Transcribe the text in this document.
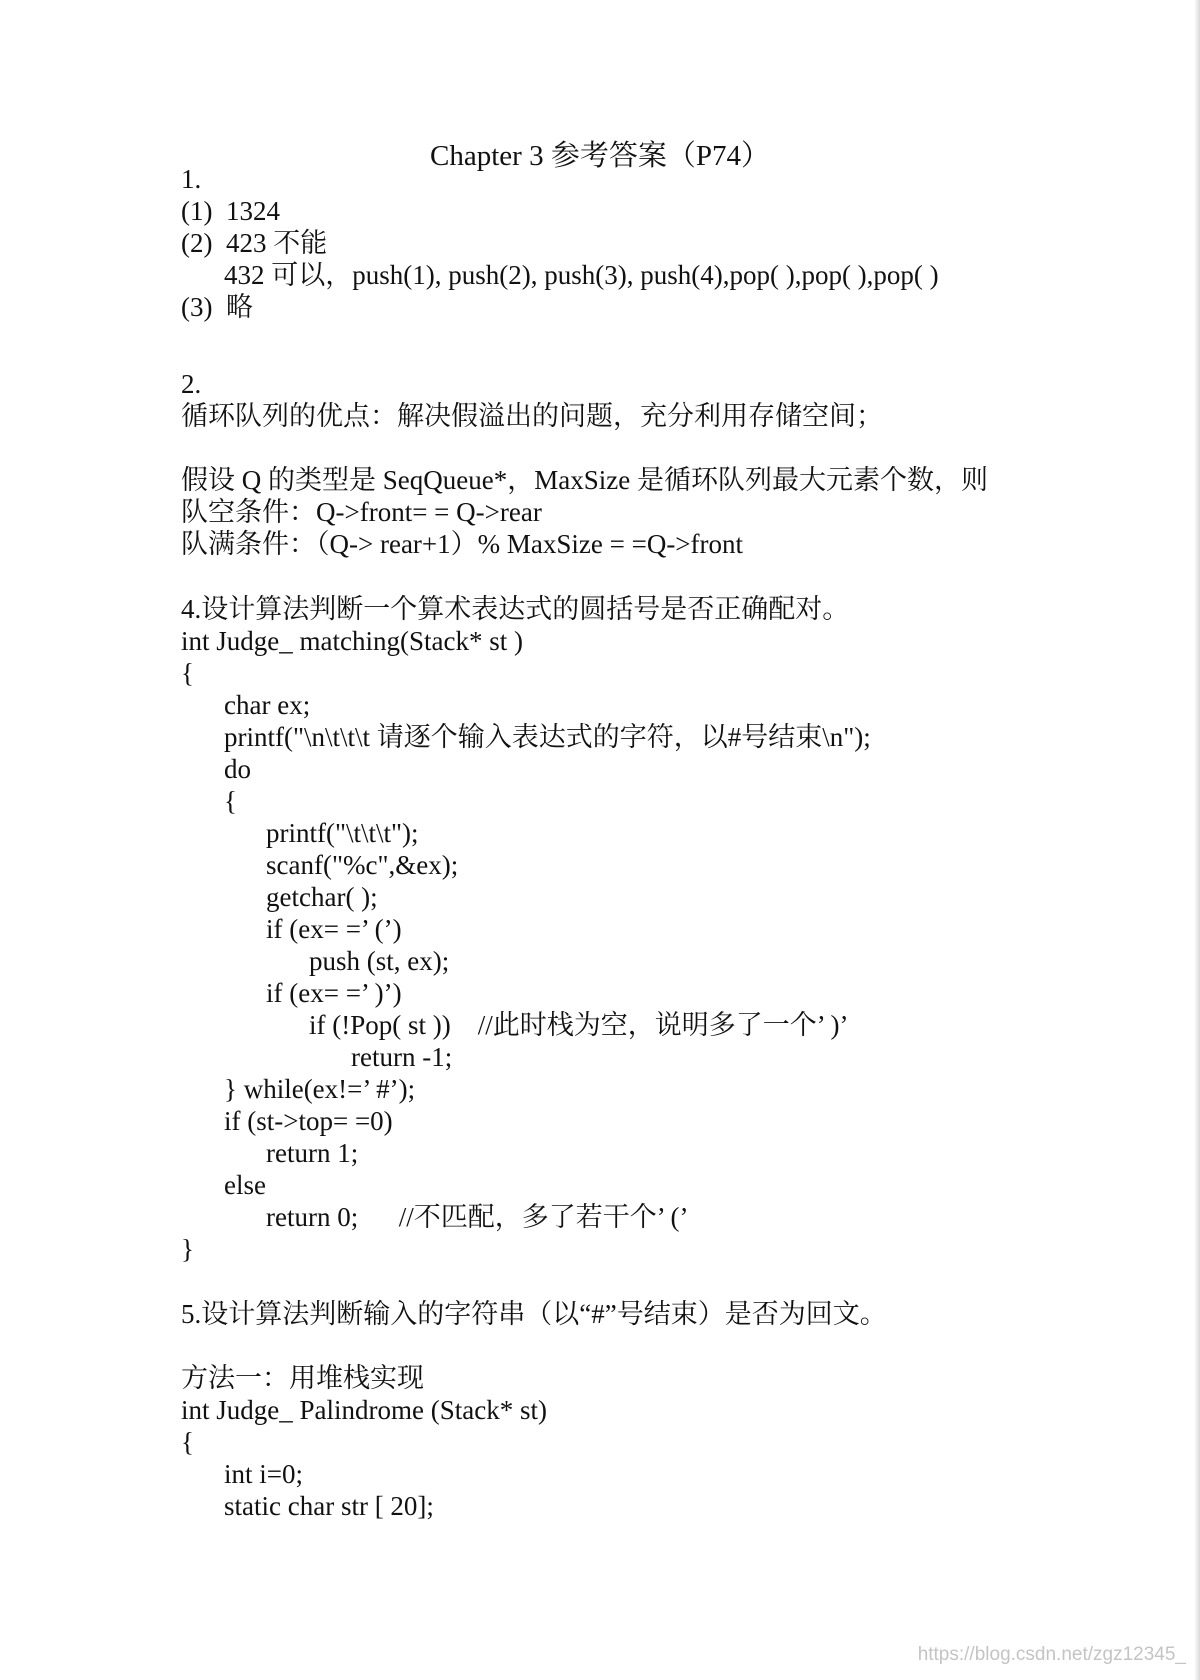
Chapter 3 参考答案（P74）
1.
(1)  1324
(2)  423 不能
432 可以，push(1), push(2), push(3), push(4),pop( ),pop( ),pop( )
(3)  略
2.
循环队列的优点：解决假溢出的问题，充分利用存储空间；
假设 Q 的类型是 SeqQueue*，MaxSize 是循环队列最大元素个数，则
队空条件：Q->front= = Q->rear
队满条件：（Q-> rear+1）% MaxSize = =Q->front
4.设计算法判断一个算术表达式的圆括号是否正确配对。
int Judge_ matching(Stack* st )
{
char ex;
printf("\n\t\t\t 请逐个输入表达式的字符，以#号结束\n");
do
{
printf("\t\t\t");
scanf("%c",&ex);
getchar( );
if (ex= =’ (’)
push (st, ex);
if (ex= =’ )’)
if (!Pop( st ))    //此时栈为空，说明多了一个’ )’
return -1;
} while(ex!=’ #’);
if (st->top= =0)
return 1;
else
return 0;      //不匹配，多了若干个’ (’
}
5.设计算法判断输入的字符串（以“#”号结束）是否为回文。
方法一：用堆栈实现
int Judge_ Palindrome (Stack* st)
{
int i=0;
static char str [ 20];
https://blog.csdn.net/zgz12345_
